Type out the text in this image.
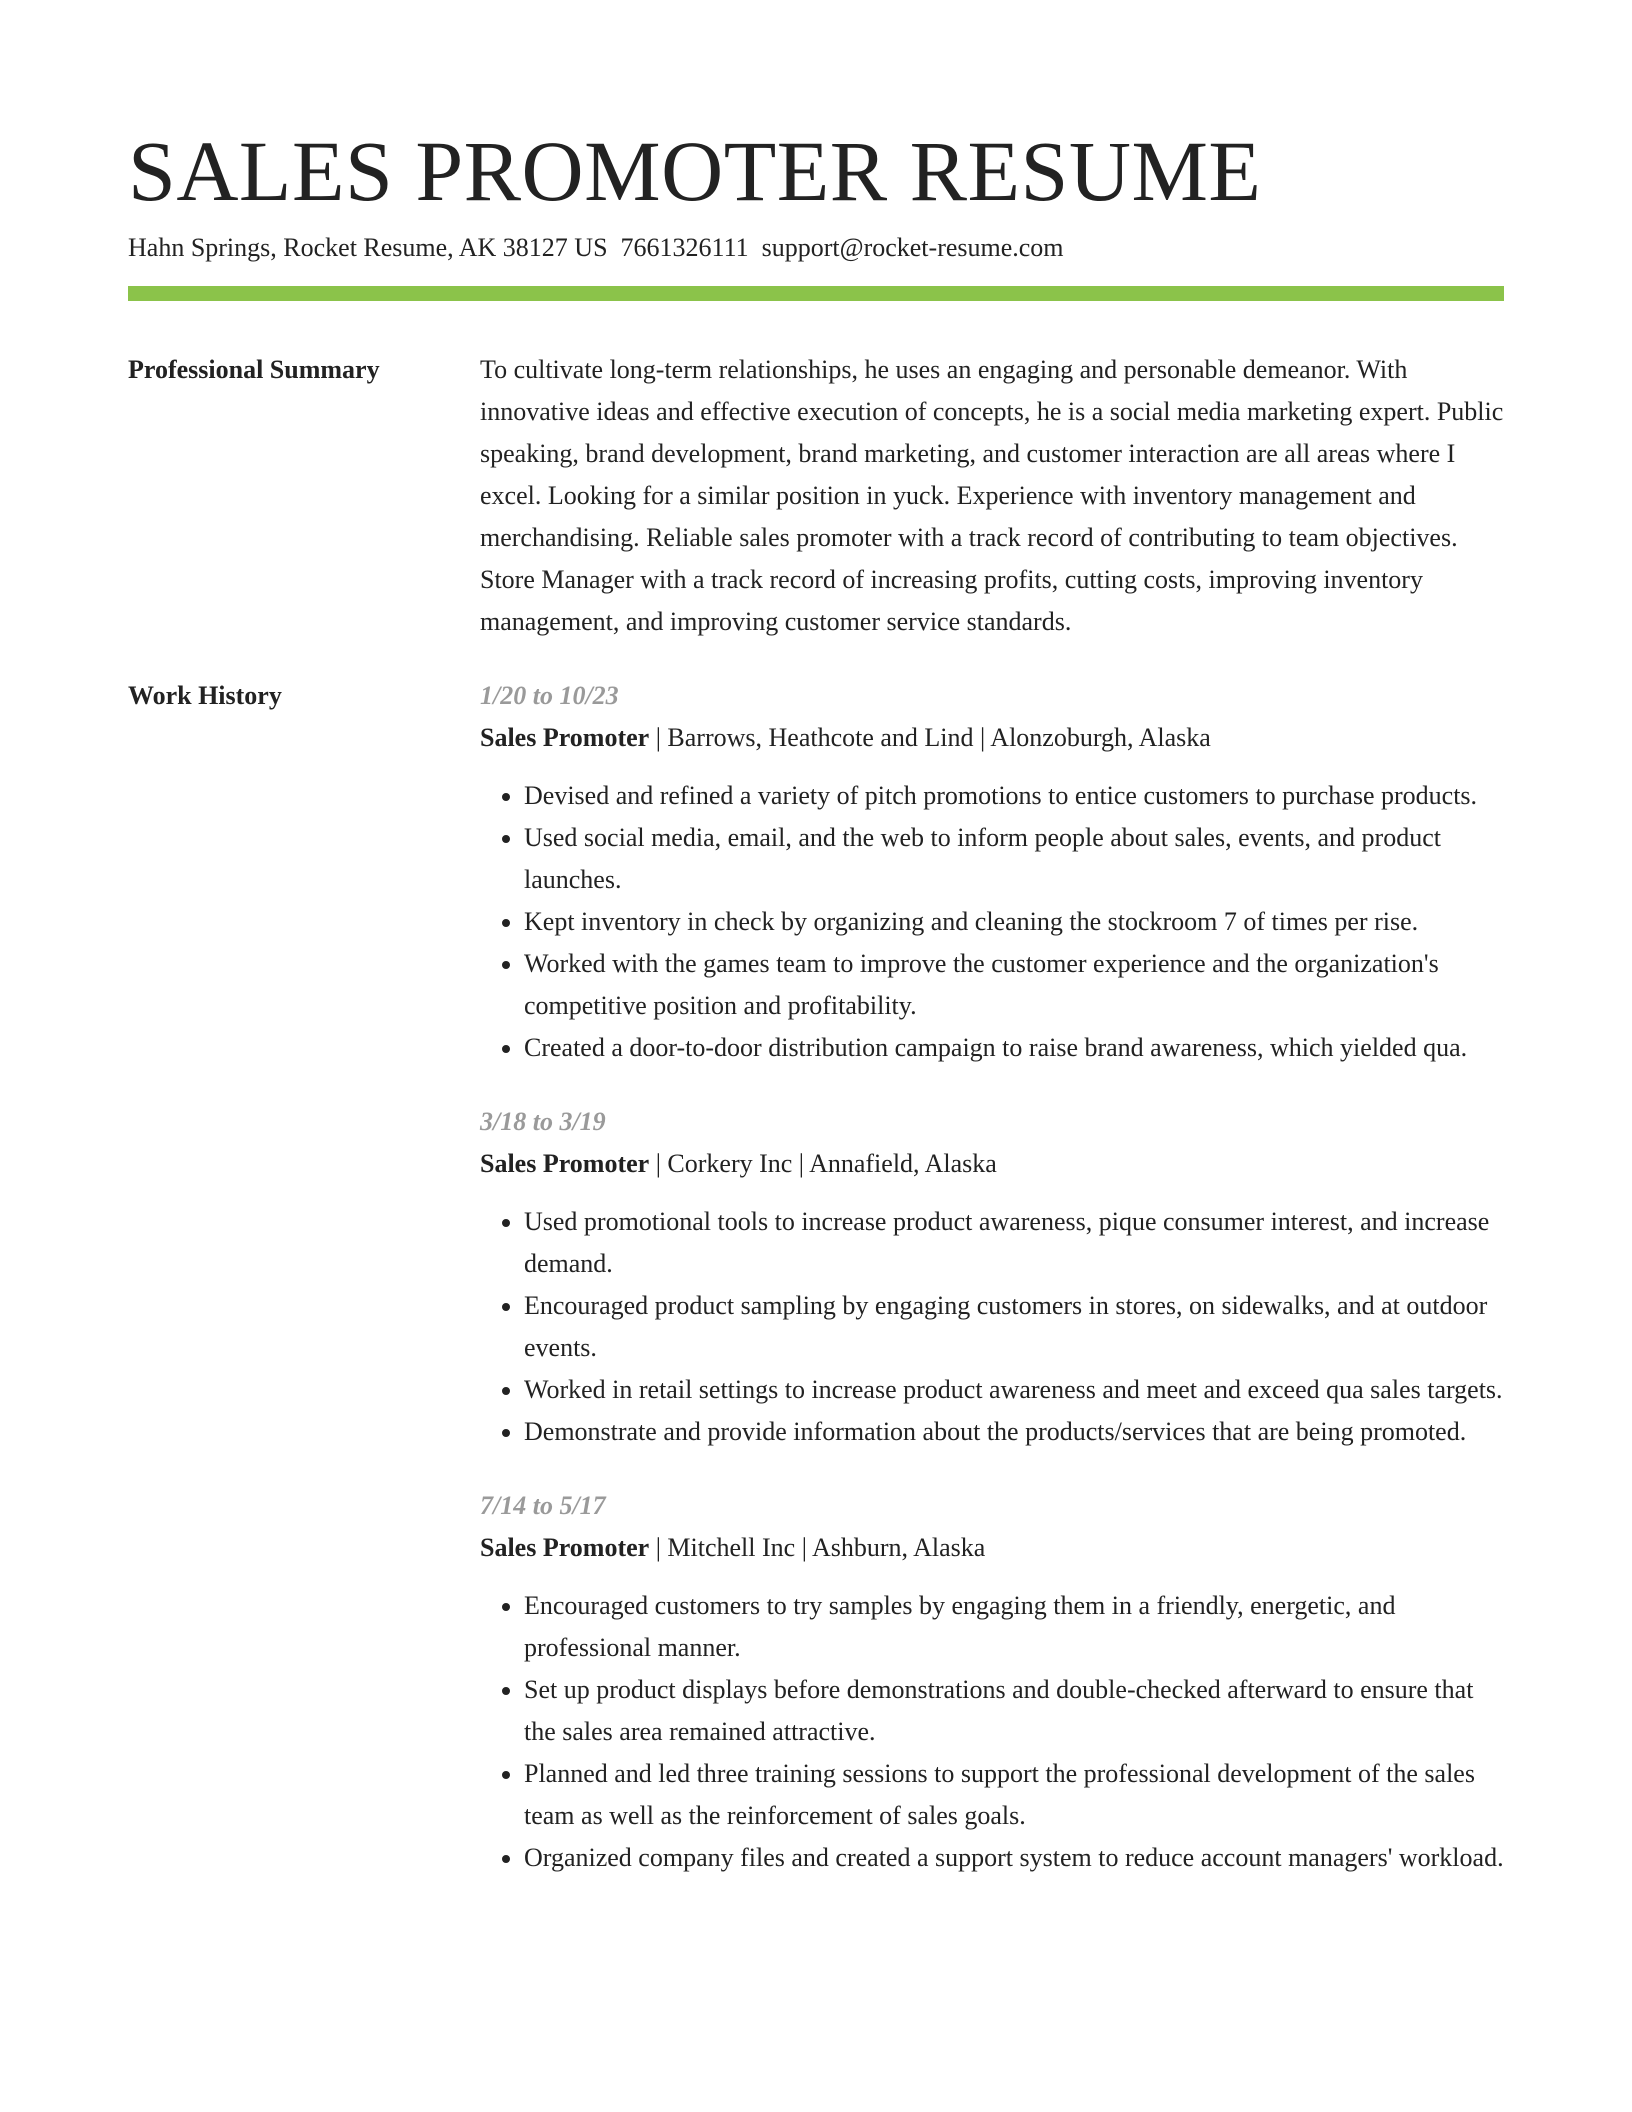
SALES PROMOTER RESUME
Hahn Springs, Rocket Resume, AK 38127 US 7661326111 support@rocket-resume.com
Professional Summary	To cultivate long-term relationships, he uses an engaging and personable demeanor. With innovative ideas and effective execution of concepts, he is a social media marketing expert. Public speaking, brand development, brand marketing, and customer interaction are all areas where I excel. Looking for a similar position in yuck. Experience with inventory management and merchandising. Reliable sales promoter with a track record of contributing to team objectives. Store Manager with a track record of increasing profits, cutting costs, improving inventory management, and improving customer service standards.

Work History	1/20 to 10/23
Sales Promoter | Barrows, Heathcote and Lind | Alonzoburgh, Alaska
• Devised and refined a variety of pitch promotions to entice customers to purchase products.
• Used social media, email, and the web to inform people about sales, events, and product launches.
• Kept inventory in check by organizing and cleaning the stockroom 7 of times per rise.
• Worked with the games team to improve the customer experience and the organization's competitive position and profitability.
• Created a door-to-door distribution campaign to raise brand awareness, which yielded qua.
3/18 to 3/19
Sales Promoter | Corkery Inc | Annafield, Alaska
• Used promotional tools to increase product awareness, pique consumer interest, and increase demand.
• Encouraged product sampling by engaging customers in stores, on sidewalks, and at outdoor events.
• Worked in retail settings to increase product awareness and meet and exceed qua sales targets.
• Demonstrate and provide information about the products/services that are being promoted.
7/14 to 5/17
Sales Promoter | Mitchell Inc | Ashburn, Alaska
• Encouraged customers to try samples by engaging them in a friendly, energetic, and professional manner.
• Set up product displays before demonstrations and double-checked afterward to ensure that the sales area remained attractive.
• Planned and led three training sessions to support the professional development of the sales team as well as the reinforcement of sales goals.
• Organized company files and created a support system to reduce account managers' workload.
